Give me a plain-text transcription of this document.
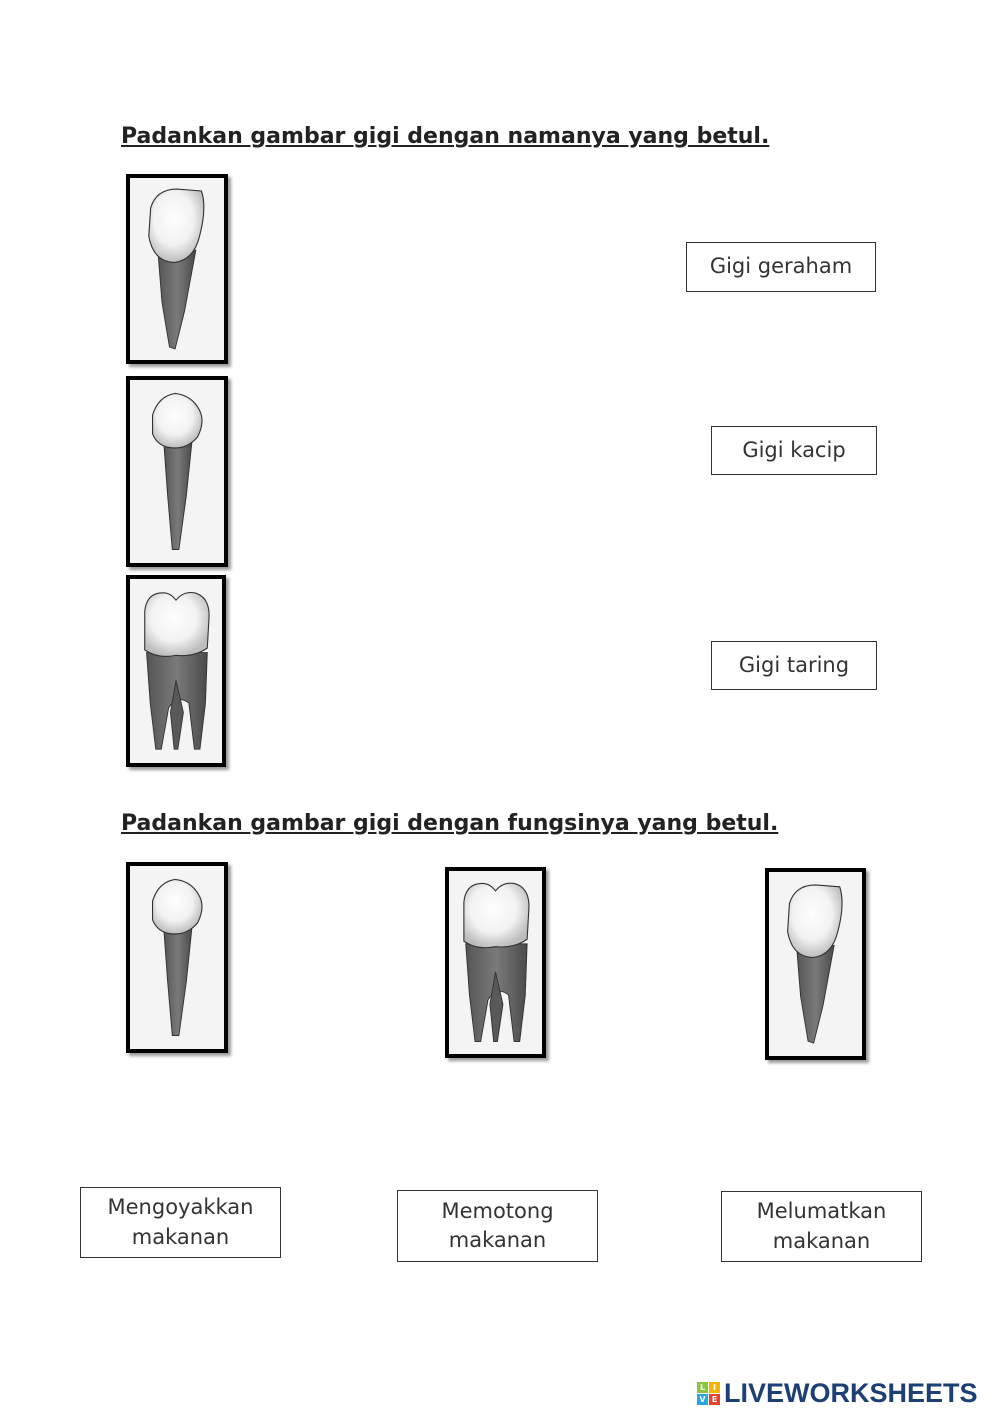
Padankan gambar gigi dengan namanya yang betul.
Gigi geraham
Gigi kacip
Gigi taring
Padankan gambar gigi dengan fungsinya yang betul.
Mengoyakkan
makanan
Memotong
makanan
Melumatkan
makanan
L I
V E LIVEWORKSHEETS
